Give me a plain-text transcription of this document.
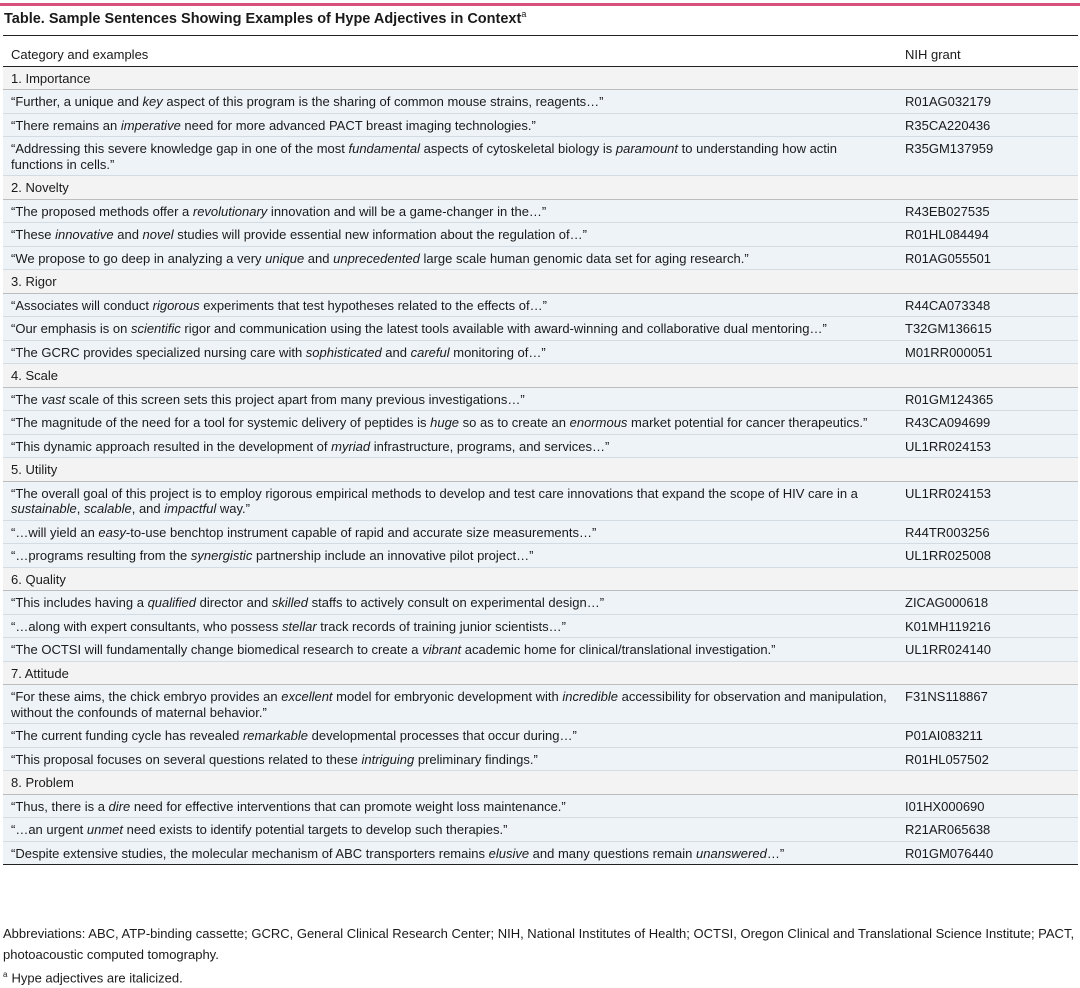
Table. Sample Sentences Showing Examples of Hype Adjectives in Context$^a$
Category and examples	NIH grant
1. Importance	
“Further, a unique and key aspect of this program is the sharing of common mouse strains, reagents…”	R01AG032179
“There remains an imperative need for more advanced PACT breast imaging technologies.”	R35CA220436
“Addressing this severe knowledge gap in one of the most fundamental aspects of cytoskeletal biology is paramount to understanding how actin functions in cells.”	R35GM137959
2. Novelty	
“The proposed methods offer a revolutionary innovation and will be a game-changer in the…”	R43EB027535
“These innovative and novel studies will provide essential new information about the regulation of…”	R01HL084494
“We propose to go deep in analyzing a very unique and unprecedented large scale human genomic data set for aging research.”	R01AG055501
3. Rigor	
“Associates will conduct rigorous experiments that test hypotheses related to the effects of…”	R44CA073348
“Our emphasis is on scientific rigor and communication using the latest tools available with award-winning and collaborative dual mentoring…”	T32GM136615
“The GCRC provides specialized nursing care with sophisticated and careful monitoring of…”	M01RR000051
4. Scale	
“The vast scale of this screen sets this project apart from many previous investigations…”	R01GM124365
“The magnitude of the need for a tool for systemic delivery of peptides is huge so as to create an enormous market potential for cancer therapeutics.”	R43CA094699
“This dynamic approach resulted in the development of myriad infrastructure, programs, and services…”	UL1RR024153
5. Utility	
“The overall goal of this project is to employ rigorous empirical methods to develop and test care innovations that expand the scope of HIV care in a sustainable, scalable, and impactful way.”	UL1RR024153
“…will yield an easy-to-use benchtop instrument capable of rapid and accurate size measurements…”	R44TR003256
“…programs resulting from the synergistic partnership include an innovative pilot project…”	UL1RR025008
6. Quality	
“This includes having a qualified director and skilled staffs to actively consult on experimental design…”	ZICAG000618
“…along with expert consultants, who possess stellar track records of training junior scientists…”	K01MH119216
“The OCTSI will fundamentally change biomedical research to create a vibrant academic home for clinical/translational investigation.”	UL1RR024140
7. Attitude	
“For these aims, the chick embryo provides an excellent model for embryonic development with incredible accessibility for observation and manipulation, without the confounds of maternal behavior.”	F31NS118867
“The current funding cycle has revealed remarkable developmental processes that occur during…”	P01AI083211
“This proposal focuses on several questions related to these intriguing preliminary findings.”	R01HL057502
8. Problem	
“Thus, there is a dire need for effective interventions that can promote weight loss maintenance.”	I01HX000690
“…an urgent unmet need exists to identify potential targets to develop such therapies.”	R21AR065638
“Despite extensive studies, the molecular mechanism of ABC transporters remains elusive and many questions remain unanswered…”	R01GM076440
Abbreviations: ABC, ATP-binding cassette; GCRC, General Clinical Research Center; NIH, National Institutes of Health; OCTSI, Oregon Clinical and Translational Science Institute; PACT, photoacoustic computed tomography.
$^a$ Hype adjectives are italicized.
